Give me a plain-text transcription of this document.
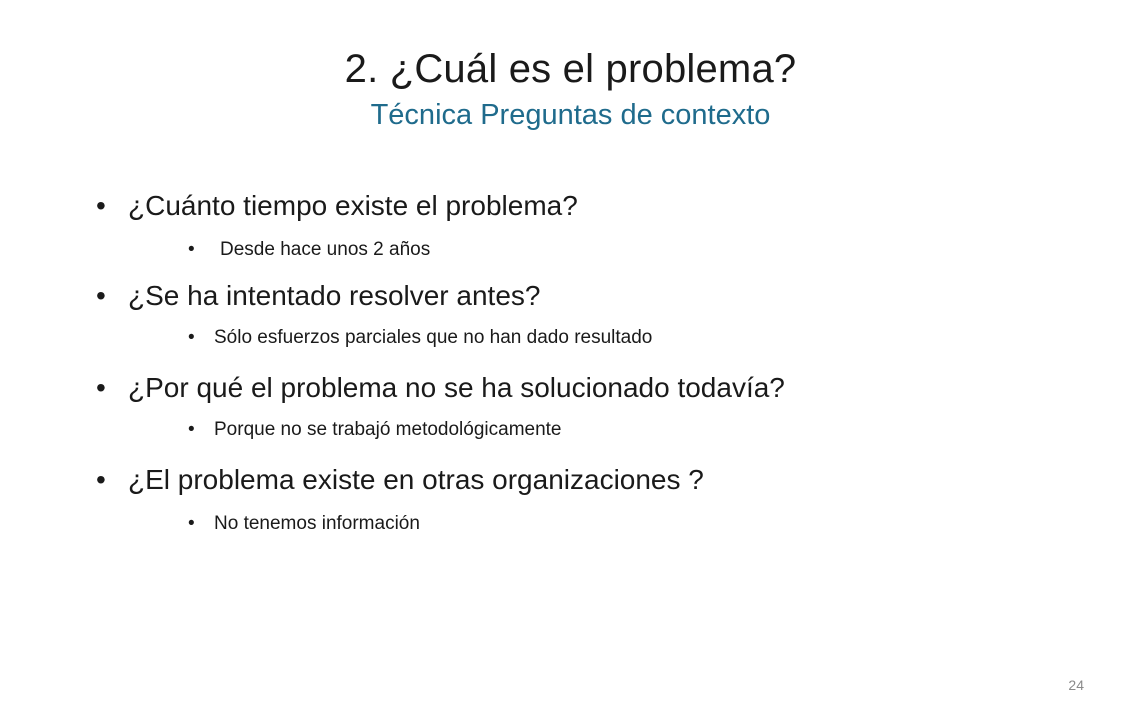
2. ¿Cuál es el problema?
Técnica Preguntas de contexto
• ¿Cuánto tiempo existe el problema?
• Desde hace unos 2 años
• ¿Se ha intentado resolver antes?
• Sólo esfuerzos parciales que no han dado resultado
• ¿Por qué el problema no se ha solucionado todavía?
• Porque no se trabajó metodológicamente
• ¿El problema existe en otras organizaciones ?
• No tenemos información
24
